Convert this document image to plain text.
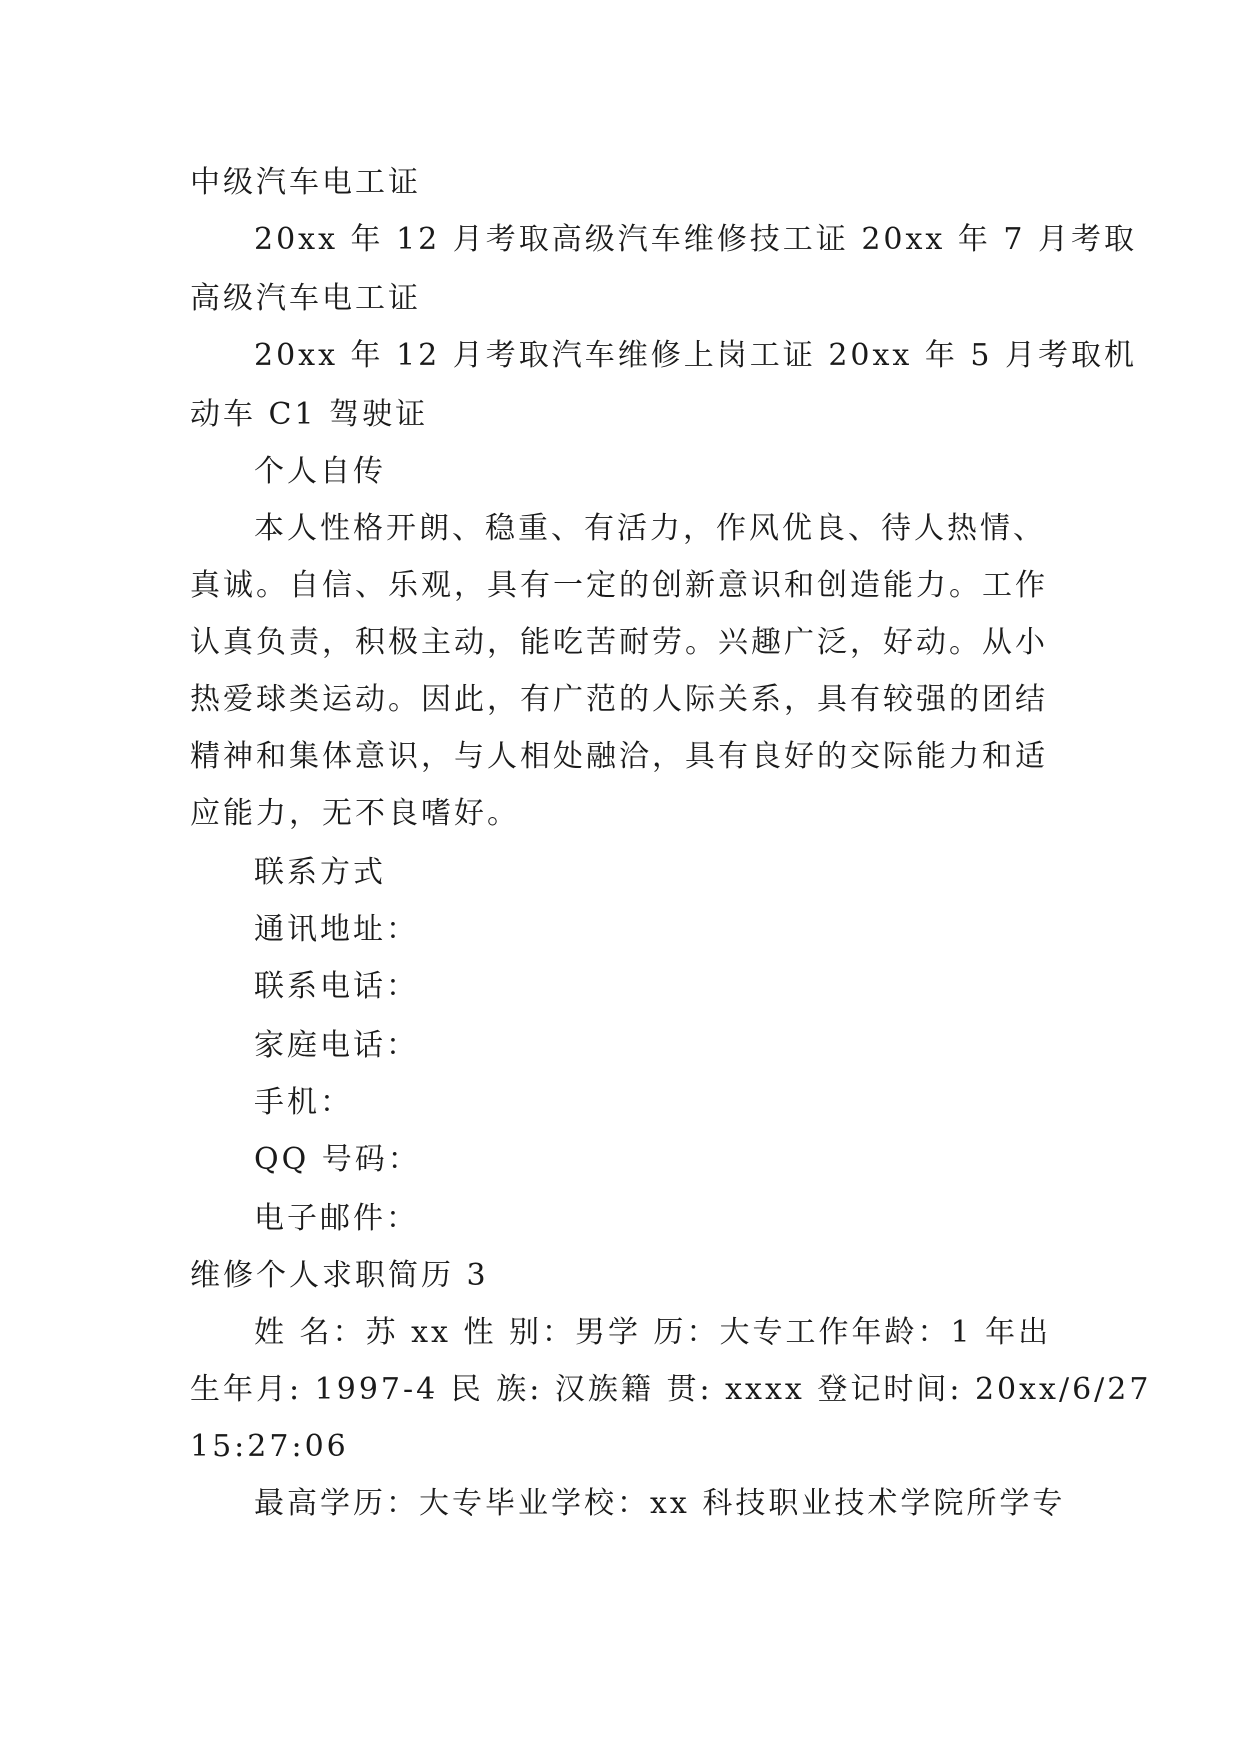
中级汽车电工证
20xx 年 12 月考取高级汽车维修技工证 20xx 年 7 月考取
高级汽车电工证
20xx 年 12 月考取汽车维修上岗工证 20xx 年 5 月考取机
动车 C1 驾驶证
个人自传
本人性格开朗、稳重、有活力，作风优良、待人热情、
真诚。自信、乐观，具有一定的创新意识和创造能力。工作
认真负责，积极主动，能吃苦耐劳。兴趣广泛，好动。从小
热爱球类运动。因此，有广范的人际关系，具有较强的团结
精神和集体意识，与人相处融洽，具有良好的交际能力和适
应能力，无不良嗜好。
联系方式
通讯地址：
联系电话：
家庭电话：
手机：
QQ 号码：
电子邮件：
维修个人求职简历 3
姓 名：苏 xx 性 别：男学 历：大专工作年龄：1 年出
生年月: 1997-4 民 族: 汉族籍 贯: xxxx 登记时间: 20xx/6/27
15:27:06
最高学历：大专毕业学校：xx 科技职业技术学院所学专
